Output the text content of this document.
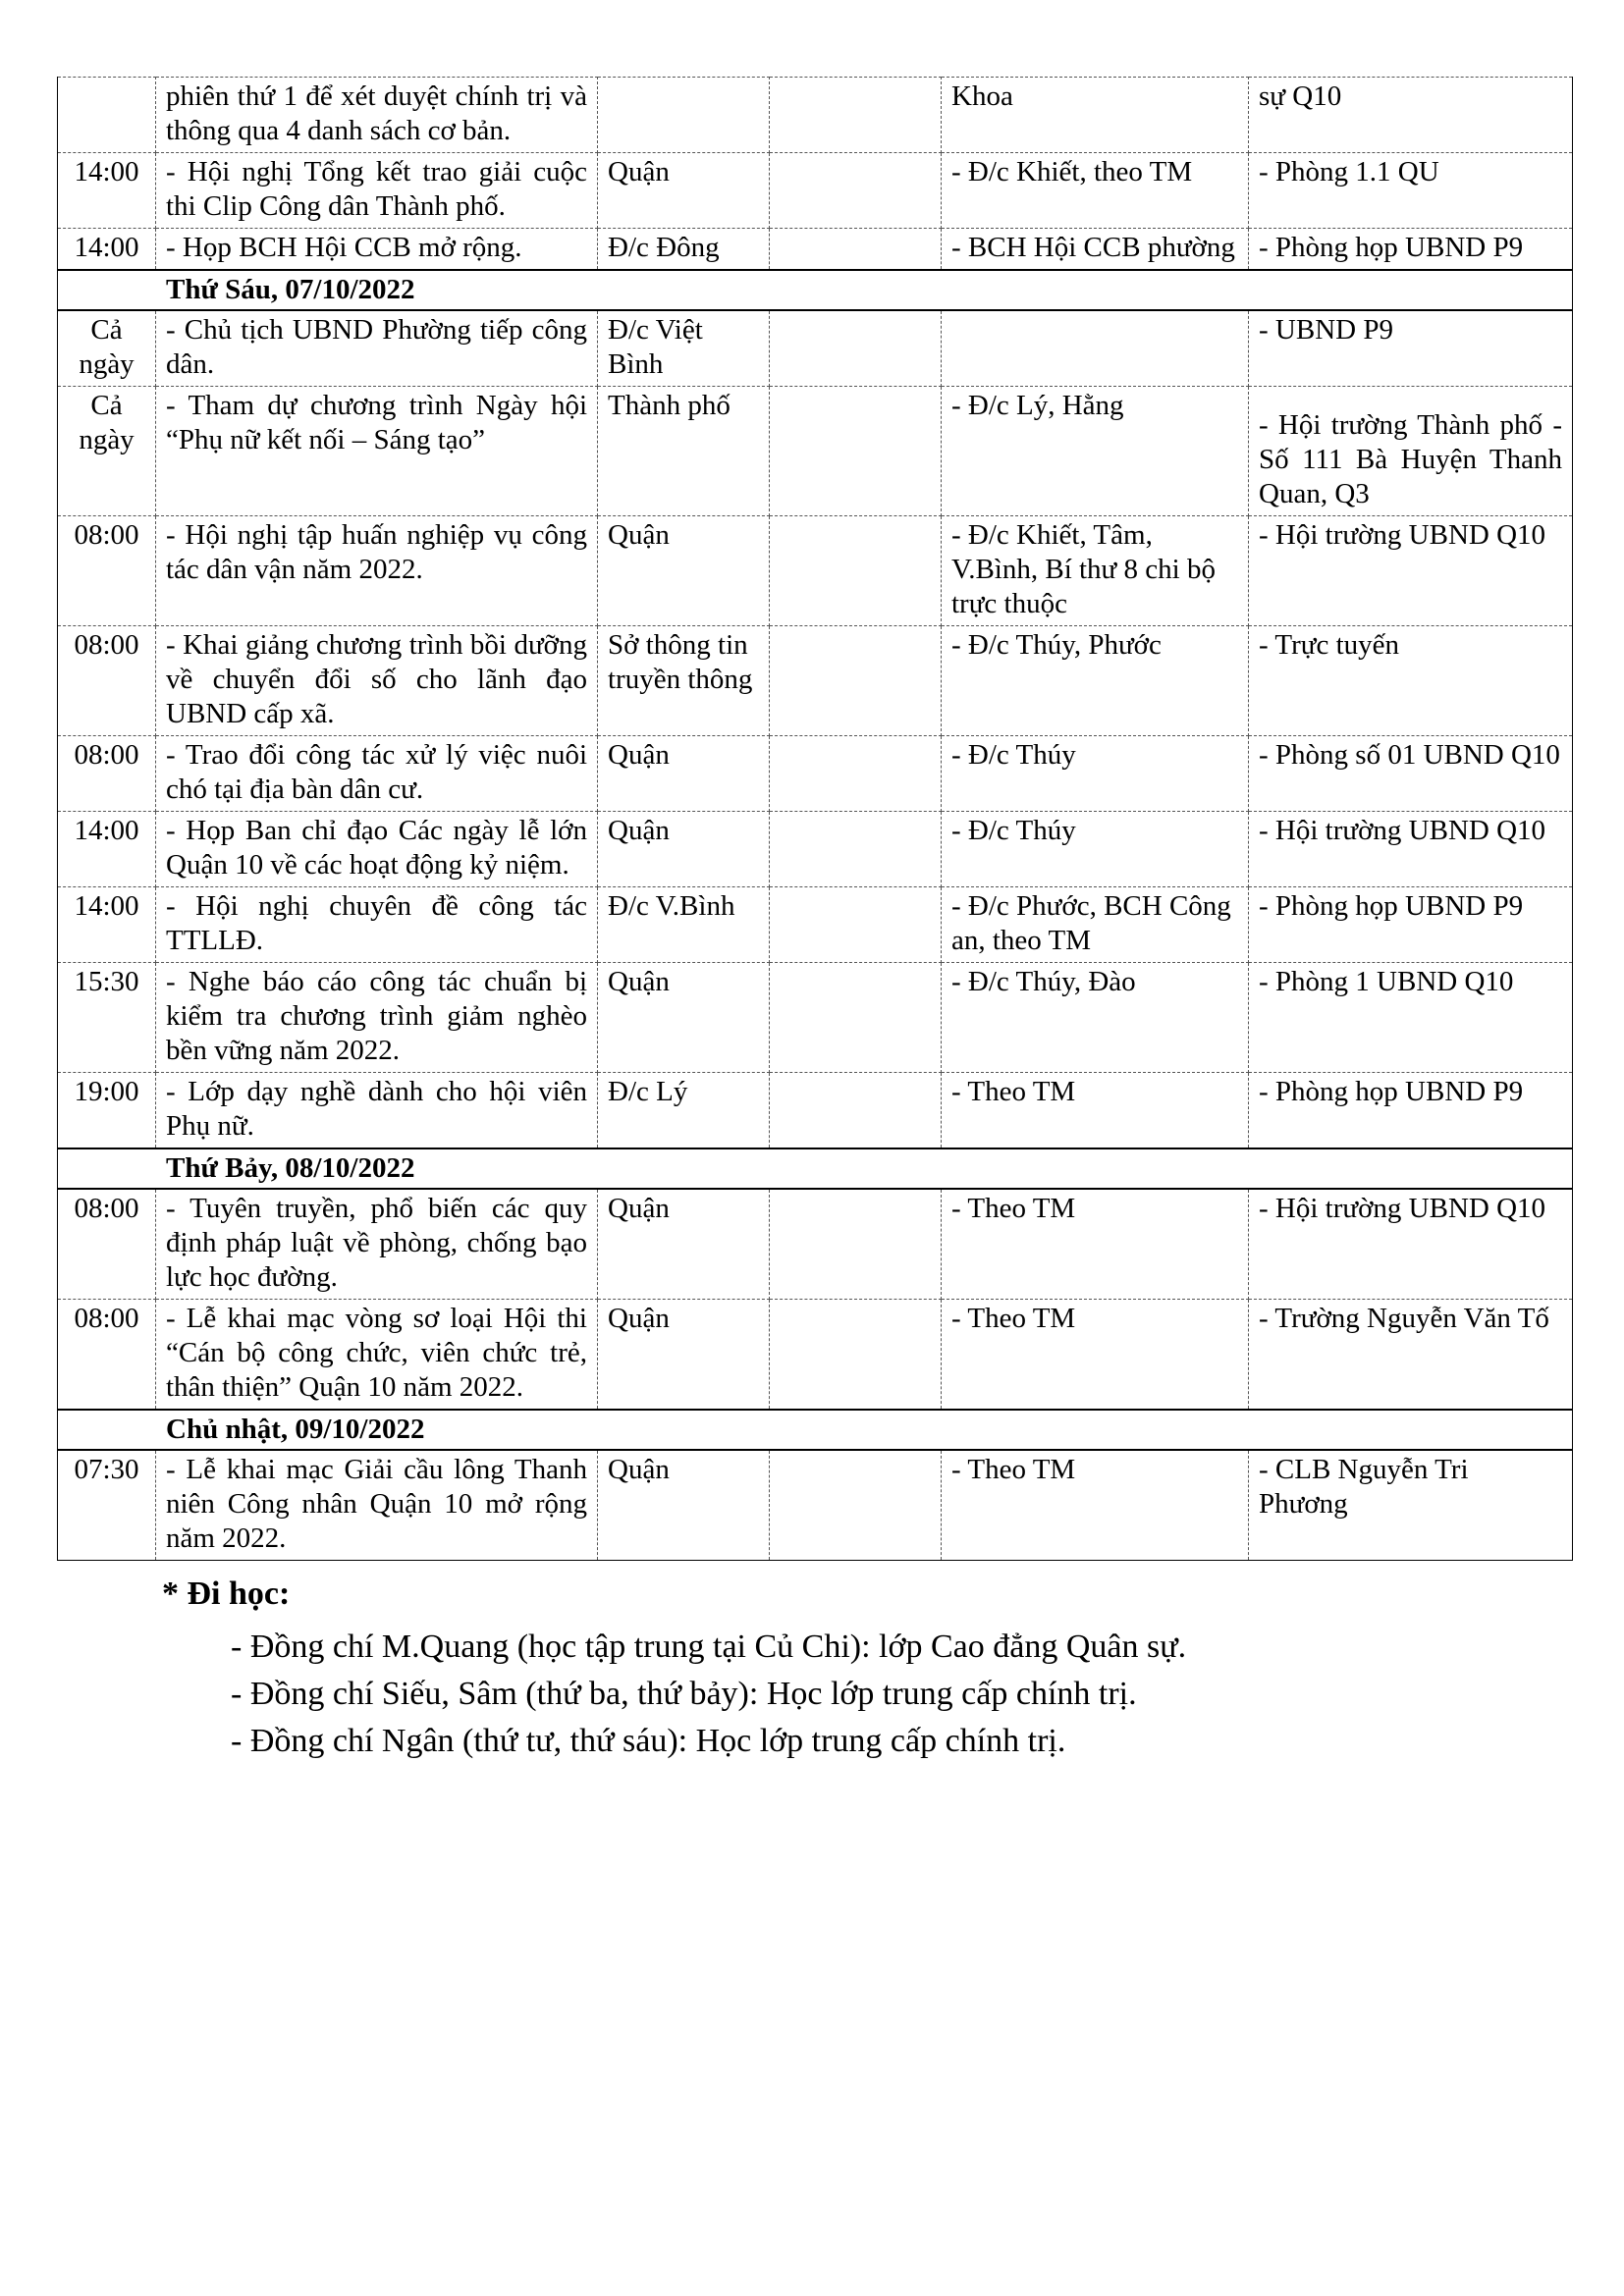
	phiên thứ 1 để xét duyệt chính trị và thông qua 4 danh sách cơ bản.			Khoa	sự Q10
14:00	- Hội nghị Tổng kết trao giải cuộc thi Clip Công dân Thành phố.	Quận		- Đ/c Khiết, theo TM	- Phòng 1.1 QU
14:00	- Họp BCH Hội CCB mở rộng.	Đ/c Đông		- BCH Hội CCB phường	- Phòng họp UBND P9
Thứ Sáu, 07/10/2022					
Cả ngày	- Chủ tịch UBND Phường tiếp công dân.	Đ/c Việt Bình			- UBND P9
Cả ngày	- Tham dự chương trình Ngày hội “Phụ nữ kết nối – Sáng tạo”	Thành phố		- Đ/c Lý, Hằng	- Hội trường Thành phố - Số 111 Bà Huyện Thanh Quan, Q3
08:00	- Hội nghị tập huấn nghiệp vụ công tác dân vận năm 2022.	Quận		- Đ/c Khiết, Tâm, V.Bình, Bí thư 8 chi bộ trực thuộc	- Hội trường UBND Q10
08:00	- Khai giảng chương trình bồi dưỡng về chuyển đổi số cho lãnh đạo UBND cấp xã.	Sở thông tin truyền thông		- Đ/c Thúy, Phước	- Trực tuyến
08:00	- Trao đổi công tác xử lý việc nuôi chó tại địa bàn dân cư.	Quận		- Đ/c Thúy	- Phòng số 01 UBND Q10
14:00	- Họp Ban chỉ đạo Các ngày lễ lớn Quận 10 về các hoạt động kỷ niệm.	Quận		- Đ/c Thúy	- Hội trường UBND Q10
14:00	- Hội nghị chuyên đề công tác TTLLĐ.	Đ/c V.Bình		- Đ/c Phước, BCH Công an, theo TM	- Phòng họp UBND P9
15:30	- Nghe báo cáo công tác chuẩn bị kiểm tra chương trình giảm nghèo bền vững năm 2022.	Quận		- Đ/c Thúy, Đào	- Phòng 1 UBND Q10
19:00	- Lớp dạy nghề dành cho hội viên Phụ nữ.	Đ/c Lý		- Theo TM	- Phòng họp UBND P9
Thứ Bảy, 08/10/2022					
08:00	- Tuyên truyền, phổ biến các quy định pháp luật về phòng, chống bạo lực học đường.	Quận		- Theo TM	- Hội trường UBND Q10
08:00	- Lễ khai mạc vòng sơ loại Hội thi “Cán bộ công chức, viên chức trẻ, thân thiện” Quận 10 năm 2022.	Quận		- Theo TM	- Trường Nguyễn Văn Tố
Chủ nhật, 09/10/2022					
07:30	- Lễ khai mạc Giải cầu lông Thanh niên Công nhân Quận 10 mở rộng năm 2022.	Quận		- Theo TM	- CLB Nguyễn Tri Phương
* Đi học:
- Đồng chí M.Quang (học tập trung tại Củ Chi): lớp Cao đẳng Quân sự.
- Đồng chí Siếu, Sâm (thứ ba, thứ bảy): Học lớp trung cấp chính trị.
- Đồng chí Ngân (thứ tư, thứ sáu): Học lớp trung cấp chính trị.
